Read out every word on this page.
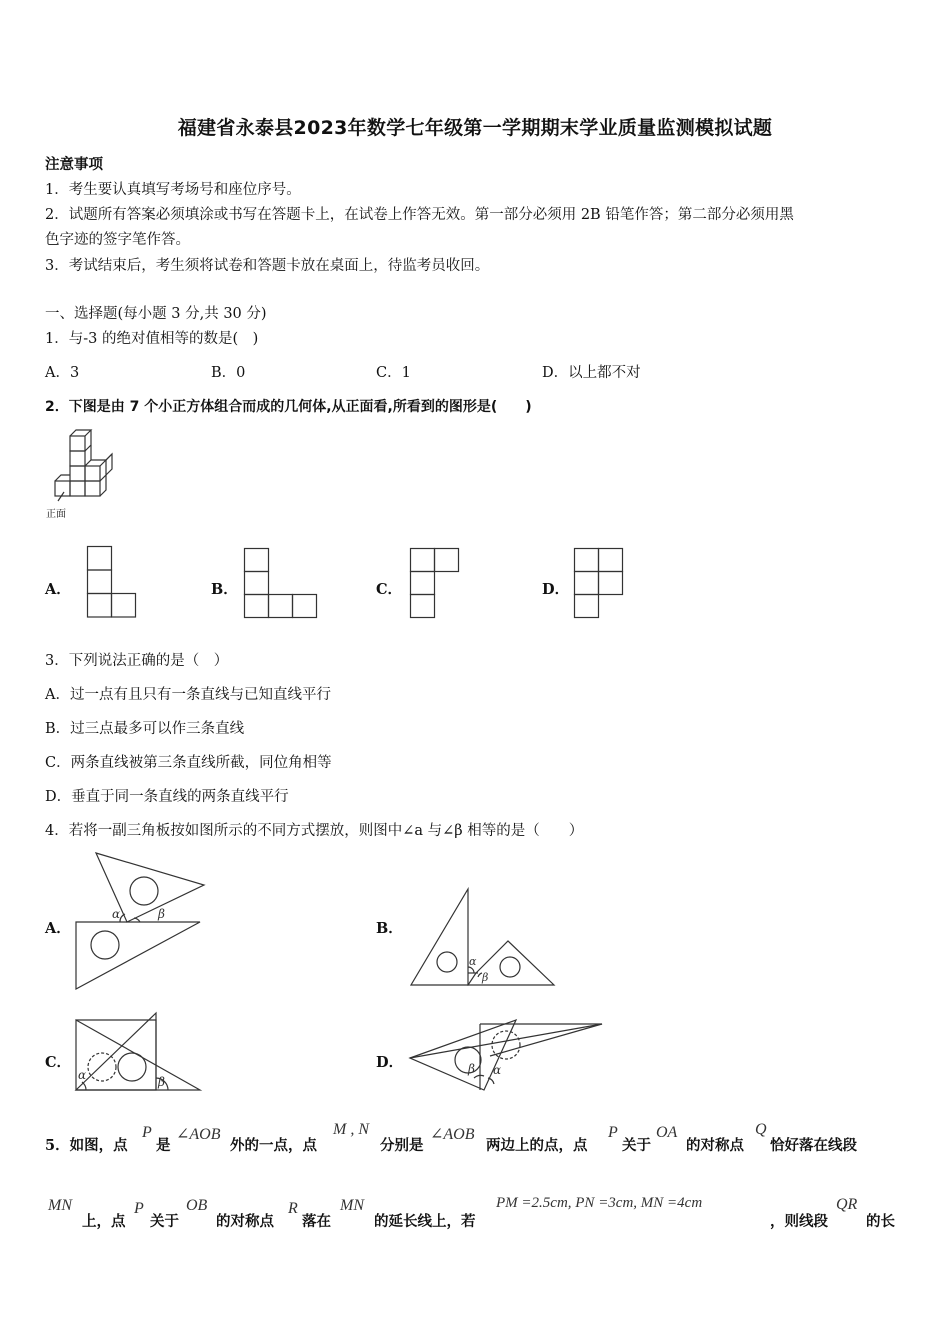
福建省永泰县2023年数学七年级第一学期期末学业质量监测模拟试题
注意事项
1．考生要认真填写考场号和座位序号。
2．试题所有答案必须填涂或书写在答题卡上，在试卷上作答无效。第一部分必须用 2B 铅笔作答；第二部分必须用黑
色字迹的签字笔作答。
3．考试结束后，考生须将试卷和答题卡放在桌面上，待监考员收回。
一、选择题(每小题 3 分,共 30 分)
1．与-3 的绝对值相等的数是(　)
A．3	B．0	C．1	D．以上都不对
2．下图是由 7 个小正方体组合而成的几何体,从正面看,所看到的图形是(　　)
正面
A．	B．	C．	D．
3．下列说法正确的是（　）
A．过一点有且只有一条直线与已知直线平行
B．过三点最多可以作三条直线
C．两条直线被第三条直线所截，同位角相等
D．垂直于同一条直线的两条直线平行
4．若将一副三角板按如图所示的不同方式摆放，则图中∠a 与∠β 相等的是（　　）
A．
α	β
B．
α
β
C．
α	β
D．	β α
5．如图，点
P
是
∠AOB
外的一点，点
M , N
分别是
∠AOB
两边上的点，点
P
关于
OA
的对称点
Q
恰好落在线段
MN
上，点
P
关于
OB
的对称点
R
落在
MN
的延长线上，若
PM =2.5cm, PN =3cm, MN =4cm
，则线段
QR
的长
